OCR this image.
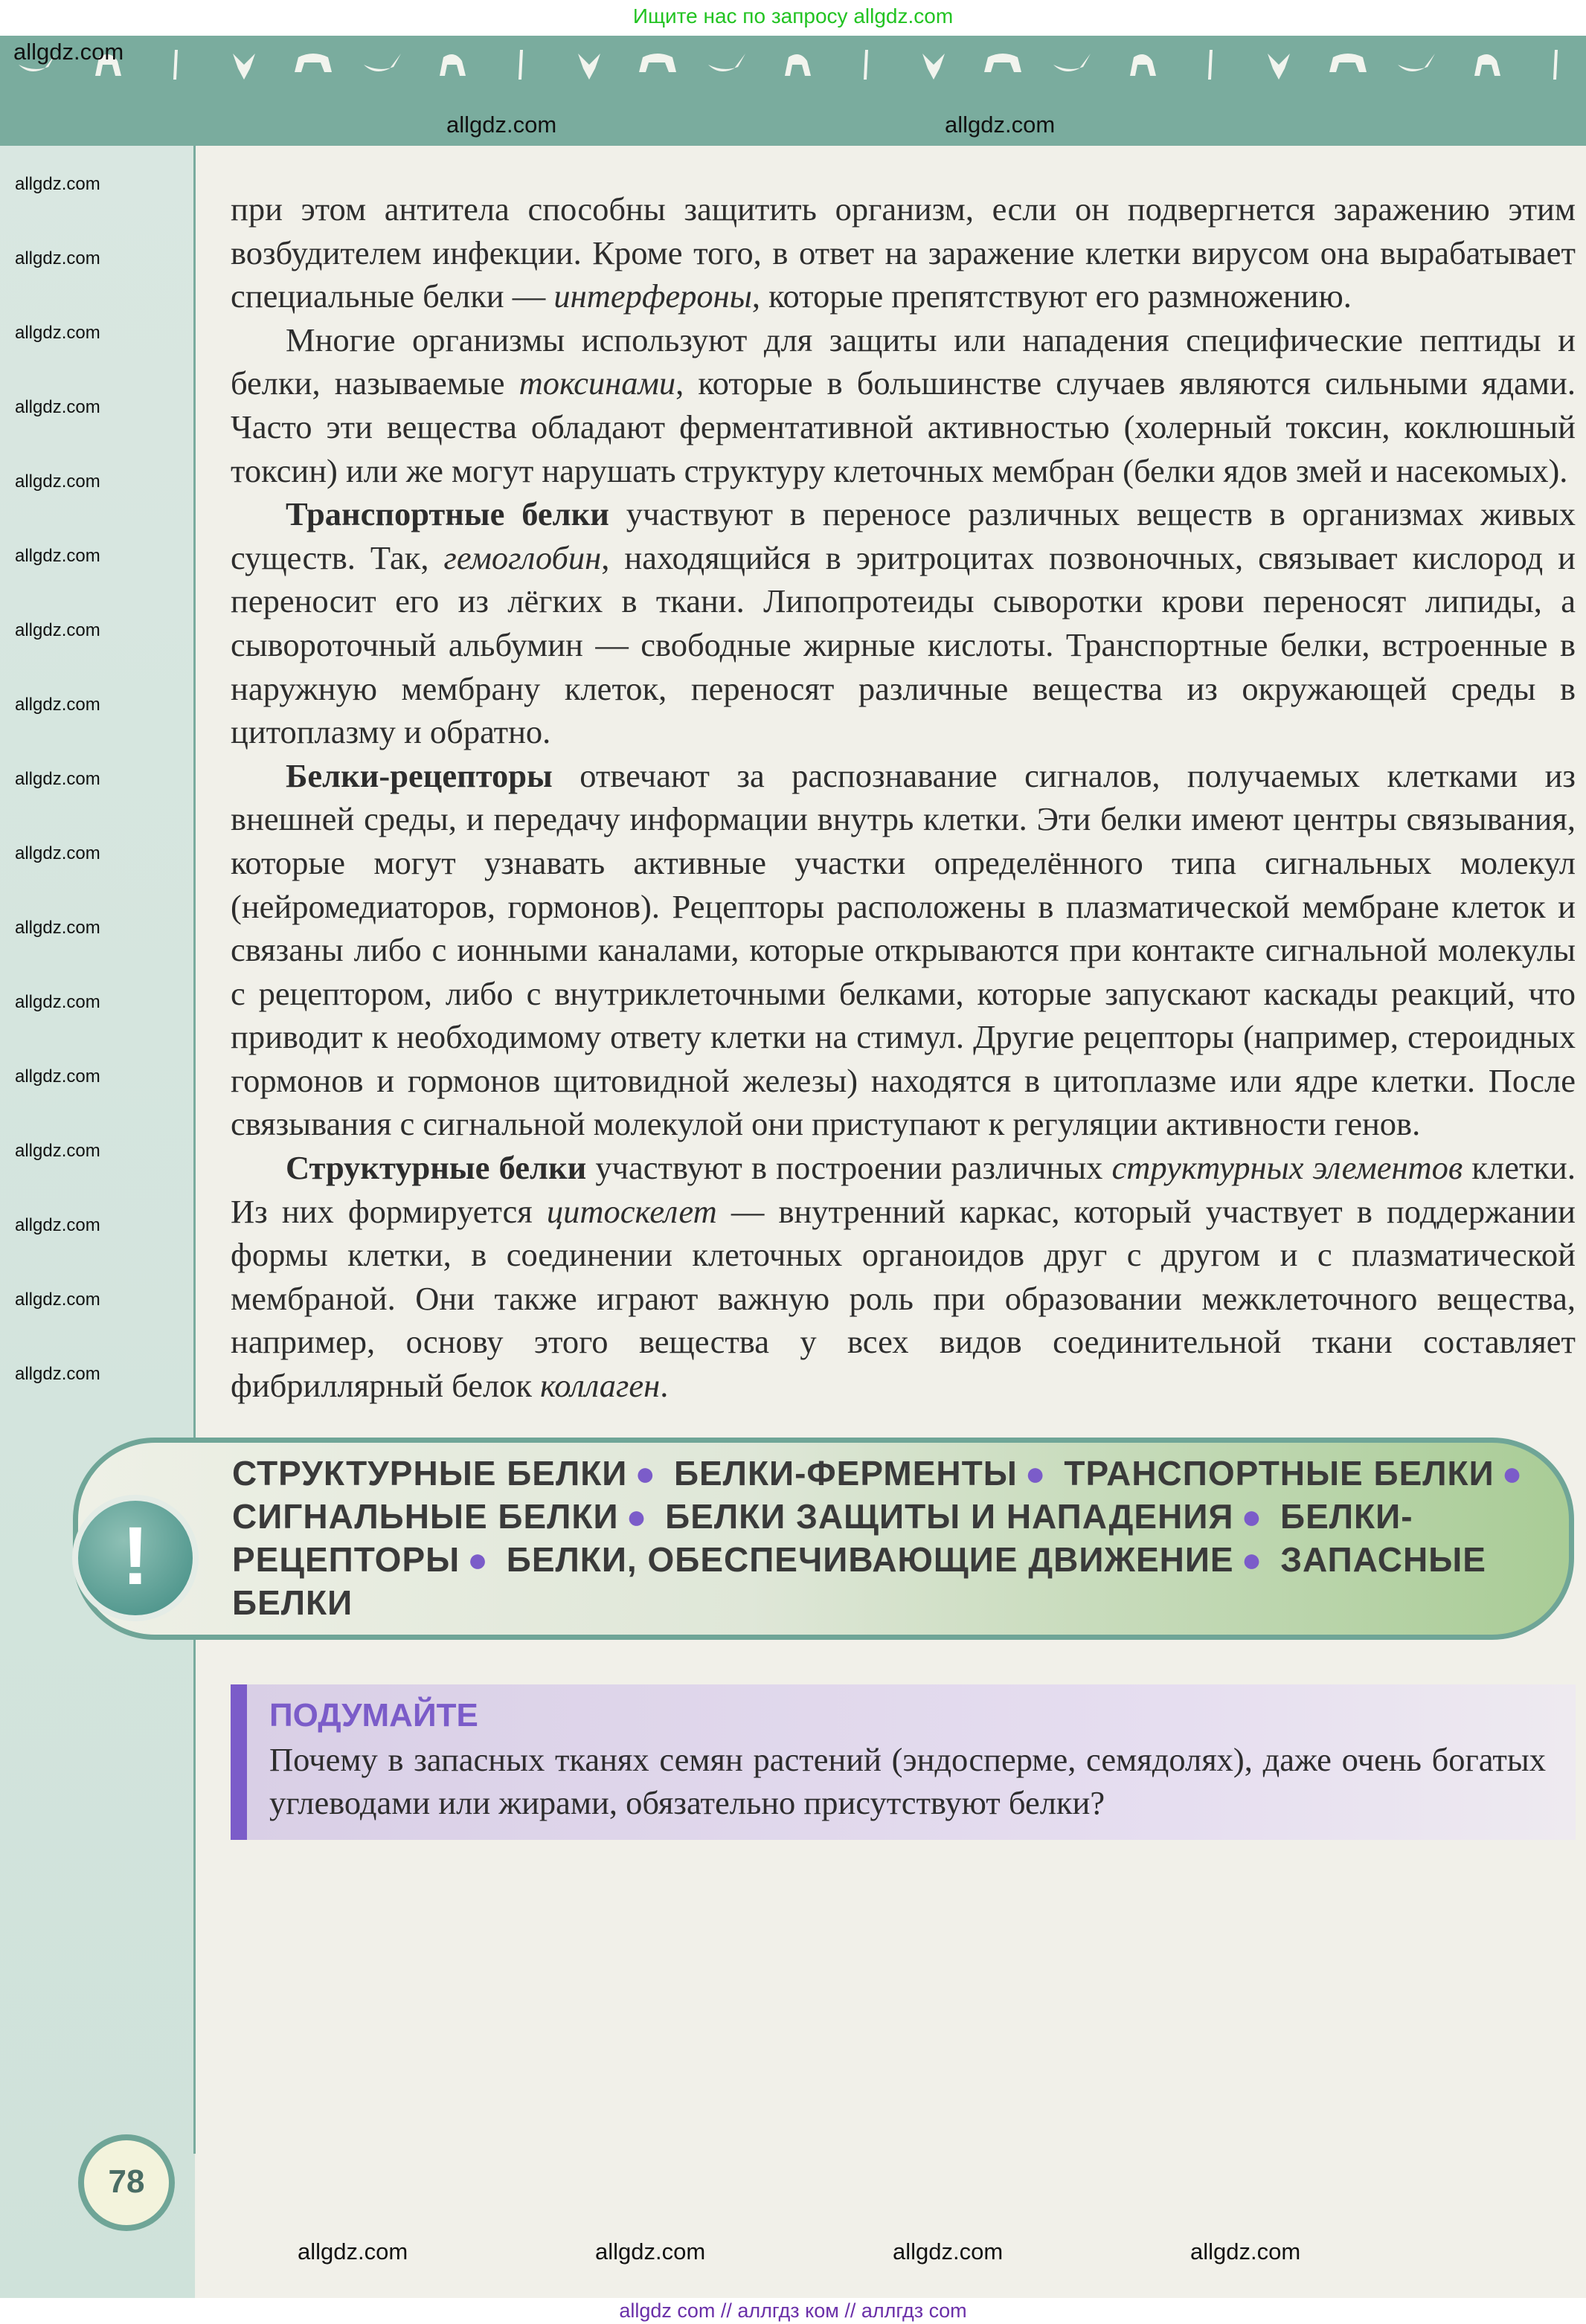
Ищите нас по запросу allgdz.com

при этом антитела способны защитить организм, если он подвергнется заражению этим возбудителем инфекции. Кроме того, в ответ на заражение клетки вирусом она вырабатывает специальные белки — интерфероны, которые препятствуют его размножению.

Многие организмы используют для защиты или нападения специфические пептиды и белки, называемые токсинами, которые в большинстве случаев являются сильными ядами. Часто эти вещества обладают ферментативной активностью (холерный токсин, коклюшный токсин) или же могут нарушать структуру клеточных мембран (белки ядов змей и насекомых).

Транспортные белки участвуют в переносе различных веществ в организмах живых существ. Так, гемоглобин, находящийся в эритроцитах позвоночных, связывает кислород и переносит его из лёгких в ткани. Липопротеиды сыворотки крови переносят липиды, а сывороточный альбумин — свободные жирные кислоты. Транспортные белки, встроенные в наружную мембрану клеток, переносят различные вещества из окружающей среды в цитоплазму и обратно.

Белки-рецепторы отвечают за распознавание сигналов, получаемых клетками из внешней среды, и передачу информации внутрь клетки. Эти белки имеют центры связывания, которые могут узнавать активные участки определённого типа сигнальных молекул (нейромедиаторов, гормонов). Рецепторы расположены в плазматической мембране клеток и связаны либо с ионными каналами, которые открываются при контакте сигнальной молекулы с рецептором, либо с внутриклеточными белками, которые запускают каскады реакций, что приводит к необходимому ответу клетки на стимул. Другие рецепторы (например, стероидных гормонов и гормонов щитовидной железы) находятся в цитоплазме или ядре клетки. После связывания с сигнальной молекулой они приступают к регуляции активности генов.

Структурные белки участвуют в построении различных структурных элементов клетки. Из них формируется цитоскелет — внутренний каркас, который участвует в поддержании формы клетки, в соединении клеточных органоидов друг с другом и с плазматической мембраной. Они также играют важную роль при образовании межклеточного вещества, например, основу этого вещества у всех видов соединительной ткани составляет фибриллярный белок коллаген.

!
СТРУКТУРНЫЕ БЕЛКИ ● БЕЛКИ-ФЕРМЕНТЫ ● ТРАНСПОРТНЫЕ БЕЛКИ ● СИГНАЛЬНЫЕ БЕЛКИ ● БЕЛКИ ЗАЩИТЫ И НАПАДЕНИЯ ● БЕЛКИ-РЕЦЕПТОРЫ ● БЕЛКИ, ОБЕСПЕЧИВАЮЩИЕ ДВИЖЕНИЕ ● ЗАПАСНЫЕ БЕЛКИ
ПОДУМАЙТЕ
Почему в запасных тканях семян растений (эндосперме, семядолях), даже очень богатых углеводами или жирами, обязательно присутствуют белки?
78
allgdz com // аллгдз ком // аллгдз com
allgdz.com
allgdz.com
allgdz.com
allgdz.com
allgdz.com
allgdz.com
allgdz.com
allgdz.com
allgdz.com
allgdz.com
allgdz.com
allgdz.com
allgdz.com
allgdz.com
allgdz.com
allgdz.com
allgdz.com
allgdz.com
allgdz.com
allgdz.com
allgdz.com	allgdz.com	allgdz.com	allgdz.com
